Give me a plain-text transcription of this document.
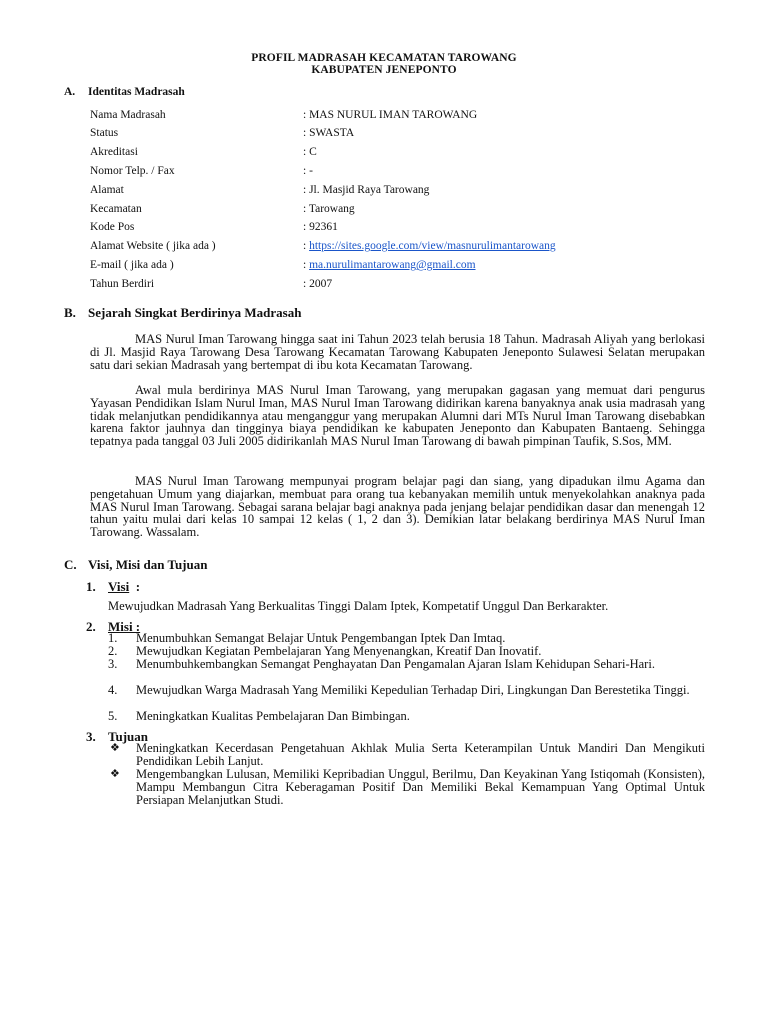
PROFIL MADRASAH KECAMATAN TAROWANG
KABUPATEN JENEPONTO
A. Identitas Madrasah
Nama Madrasah	: MAS NURUL IMAN TAROWANG
Status	: SWASTA
Akreditasi	: C
Nomor Telp. / Fax	: -
Alamat	: Jl. Masjid Raya Tarowang
Kecamatan	: Tarowang
Kode Pos	: 92361
Alamat Website ( jika ada )	: https://sites.google.com/view/masnurulimantarowang
E-mail ( jika ada )	: ma.nurulimantarowang@gmail.com
Tahun Berdiri	: 2007
B. Sejarah Singkat Berdirinya Madrasah

MAS Nurul Iman Tarowang hingga saat ini Tahun 2023 telah berusia 18 Tahun. Madrasah Aliyah yang berlokasi di Jl. Masjid Raya Tarowang Desa Tarowang Kecamatan Tarowang Kabupaten Jeneponto Sulawesi Selatan merupakan satu dari sekian Madrasah yang bertempat di ibu kota Kecamatan Tarowang.

Awal mula berdirinya MAS Nurul Iman Tarowang, yang merupakan gagasan yang memuat dari pengurus Yayasan Pendidikan Islam Nurul Iman, MAS Nurul Iman Tarowang didirikan karena banyaknya anak usia madrasah yang tidak melanjutkan pendidikannya atau menganggur yang merupakan Alumni dari MTs Nurul Iman Tarowang disebabkan karena faktor jauhnya dan tingginya biaya pendidikan ke kabupaten Jeneponto dan Kabupaten Bantaeng. Sehingga tepatnya pada tanggal 03 Juli 2005 didirikanlah MAS Nurul Iman Tarowang di bawah pimpinan Taufik, S.Sos, MM.

MAS Nurul Iman Tarowang mempunyai program belajar pagi dan siang, yang dipadukan ilmu Agama dan pengetahuan Umum yang diajarkan, membuat para orang tua kebanyakan memilih untuk menyekolahkan anaknya pada MAS Nurul Iman Tarowang. Sebagai sarana belajar bagi anaknya pada jenjang belajar pendidikan dasar dan menengah 12 tahun yaitu mulai dari kelas 10 sampai 12 kelas ( 1, 2 dan 3). Demikian latar belakang berdirinya MAS Nurul Iman Tarowang. Wassalam.

C. Visi, Misi dan Tujuan
1. Visi  :
Mewujudkan Madrasah Yang Berkualitas Tinggi Dalam Iptek, Kompetatif Unggul Dan Berkarakter.
2. Misi :
1.	Menumbuhkan Semangat Belajar Untuk Pengembangan Iptek Dan Imtaq.
2.	Mewujudkan Kegiatan Pembelajaran Yang Menyenangkan, Kreatif Dan Inovatif.
3.	Menumbuhkembangkan Semangat Penghayatan Dan Pengamalan Ajaran Islam Kehidupan Sehari-Hari.
4.	Mewujudkan Warga Madrasah Yang Memiliki Kepedulian Terhadap Diri, Lingkungan Dan Berestetika Tinggi.
5.	Meningkatkan Kualitas Pembelajaran Dan Bimbingan.
3. Tujuan
❖ Meningkatkan Kecerdasan Pengetahuan Akhlak Mulia Serta Keterampilan Untuk Mandiri Dan Mengikuti Pendidikan Lebih Lanjut.
❖ Mengembangkan Lulusan, Memiliki Kepribadian Unggul, Berilmu, Dan Keyakinan Yang Istiqomah (Konsisten), Mampu Membangun Citra Keberagaman Positif Dan Memiliki Bekal Kemampuan Yang Optimal Untuk Persiapan Melanjutkan Studi.
